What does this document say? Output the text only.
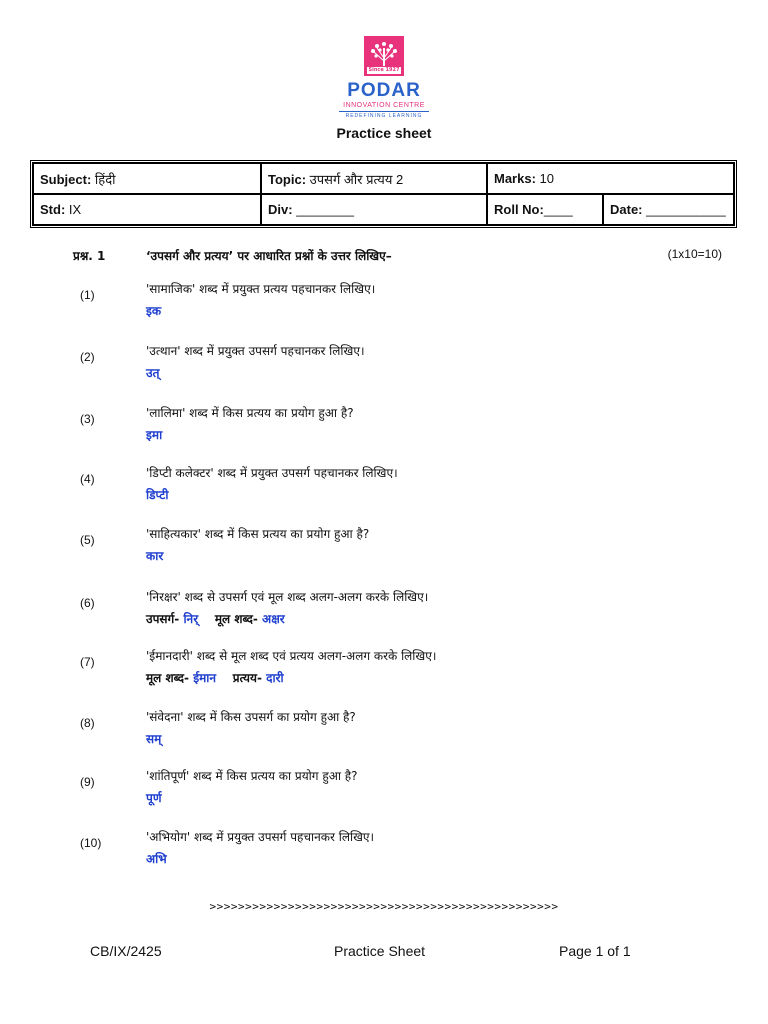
Since 1927
PODAR
INNOVATION CENTRE
REDEFINING LEARNING
Practice sheet
Subject: हिंदी	Topic: उपसर्ग और प्रत्यय 2	Marks: 10	
Std: IX	Div: ________	Roll No:____	Date: ___________
प्रश्न. 1	‘उपसर्ग और प्रत्यय’ पर आधारित प्रश्नों के उत्तर लिखिए–	(1x10=10)
(1)	'सामाजिक' शब्द में प्रयुक्त प्रत्यय पहचानकर लिखिए।
इक
(2)	'उत्थान' शब्द में प्रयुक्त उपसर्ग पहचानकर लिखिए।
उत्
(3)	'लालिमा' शब्द में किस प्रत्यय का प्रयोग हुआ है?
इमा
(4)	'डिप्टी कलेक्टर' शब्द में प्रयुक्त उपसर्ग पहचानकर लिखिए।
डिप्टी
(5)	'साहित्यकार' शब्द में किस प्रत्यय का प्रयोग हुआ है?
कार
(6)	'निरक्षर' शब्द से उपसर्ग एवं मूल शब्द अलग-अलग करके लिखिए।
उपसर्ग- निर् मूल शब्द- अक्षर
(7)	'ईमानदारी' शब्द से मूल शब्द एवं प्रत्यय अलग-अलग करके लिखिए।
मूल शब्द- ईमान प्रत्यय- दारी
(8)	'संवेदना' शब्द में किस उपसर्ग का प्रयोग हुआ है?
सम्
(9)	'शांतिपूर्ण' शब्द में किस प्रत्यय का प्रयोग हुआ है?
पूर्ण
(10)	'अभियोग' शब्द में प्रयुक्त उपसर्ग पहचानकर लिखिए।
अभि
>>>>>>>>>>>>>>>>>>>>>>>>>>>>>>>>>>>>>>>>>>>>>>>>>
CB/IX/2425	Practice Sheet	Page 1 of 1
